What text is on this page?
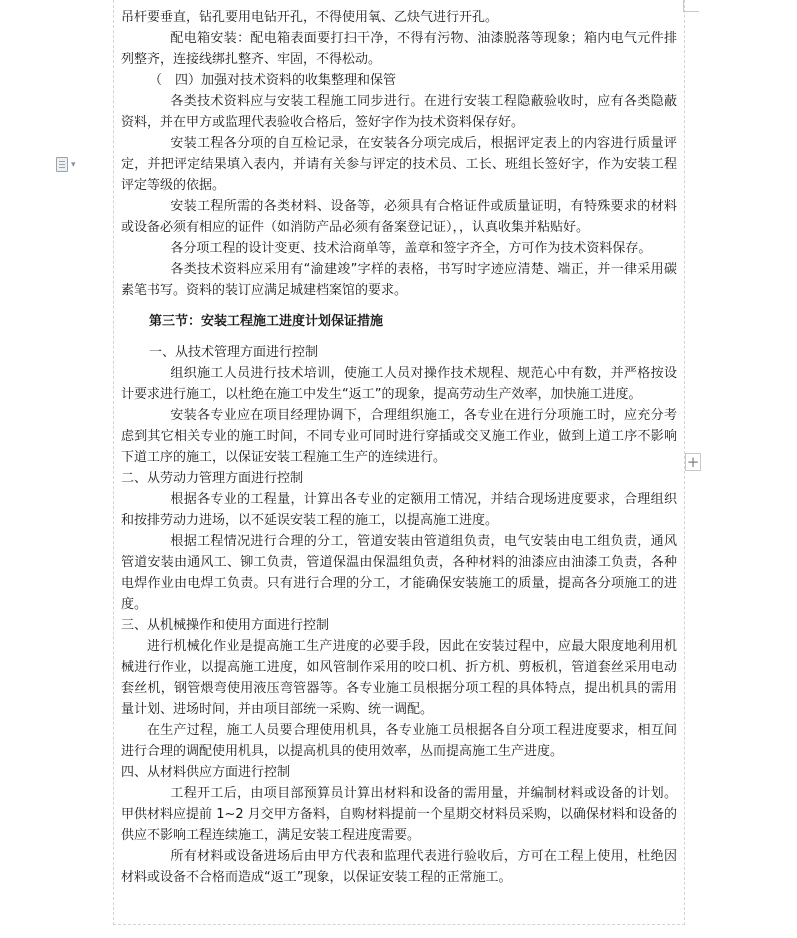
▾
+

吊杆要垂直，钻孔要用电钻开孔，不得使用氧、乙炔气进行开孔。

配电箱安装：配电箱表面要打扫干净，不得有污物、油漆脱落等现象；箱内电气元件排列整齐，连接线绑扎整齐、牢固，不得松动。

（　四）加强对技术资料的收集整理和保管

各类技术资料应与安装工程施工同步进行。在进行安装工程隐蔽验收时，应有各类隐蔽资料，并在甲方或监理代表验收合格后，签好字作为技术资料保存好。

安装工程各分项的自互检记录，在安装各分项完成后，根据评定表上的内容进行质量评定，并把评定结果填入表内，并请有关参与评定的技术员、工长、班组长签好字，作为安装工程评定等级的依据。

安装工程所需的各类材料、设备等，必须具有合格证件或质量证明，有特殊要求的材料或设备必须有相应的证件（如消防产品必须有备案登记证），，认真收集并粘贴好。

各分项工程的设计变更、技术洽商单等，盖章和签字齐全，方可作为技术资料保存。

各类技术资料应采用有“渝建竣”字样的表格，书写时字迹应清楚、端正，并一律采用碳素笔书写。资料的装订应满足城建档案馆的要求。

第三节：安装工程施工进度计划保证措施

一、从技术管理方面进行控制

组织施工人员进行技术培训，使施工人员对操作技术规程、规范心中有数，并严格按设计要求进行施工，以杜绝在施工中发生“返工”的现象，提高劳动生产效率，加快施工进度。

安装各专业应在项目经理协调下，合理组织施工，各专业在进行分项施工时，应充分考虑到其它相关专业的施工时间，不同专业可同时进行穿插或交叉施工作业，做到上道工序不影响下道工序的施工，以保证安装工程施工生产的连续进行。

二、从劳动力管理方面进行控制

根据各专业的工程量，计算出各专业的定额用工情况，并结合现场进度要求，合理组织和按排劳动力进场，以不延误安装工程的施工，以提高施工进度。

根据工程情况进行合理的分工，管道安装由管道组负责，电气安装由电工组负责，通风管道安装由通风工、铆工负责，管道保温由保温组负责，各种材料的油漆应由油漆工负责，各种电焊作业由电焊工负责。只有进行合理的分工，才能确保安装施工的质量，提高各分项施工的进度。

三、从机械操作和使用方面进行控制

进行机械化作业是提高施工生产进度的必要手段，因此在安装过程中，应最大限度地利用机械进行作业，以提高施工进度，如风管制作采用的咬口机、折方机、剪板机，管道套丝采用电动套丝机，钢管煨弯使用液压弯管器等。各专业施工员根据分项工程的具体特点，提出机具的需用量计划、进场时间，并由项目部统一采购、统一调配。

在生产过程，施工人员要合理使用机具，各专业施工员根据各自分项工程进度要求，相互间进行合理的调配使用机具，以提高机具的使用效率，丛而提高施工生产进度。

四、从材料供应方面进行控制

工程开工后，由项目部预算员计算出材料和设备的需用量，并编制材料或设备的计划。甲供材料应提前 1~2 月交甲方备料，自购材料提前一个星期交材料员采购，以确保材料和设备的供应不影响工程连续施工，满足安装工程进度需要。

所有材料或设备进场后由甲方代表和监理代表进行验收后，方可在工程上使用，杜绝因材料或设备不合格而造成“返工”现象，以保证安装工程的正常施工。
